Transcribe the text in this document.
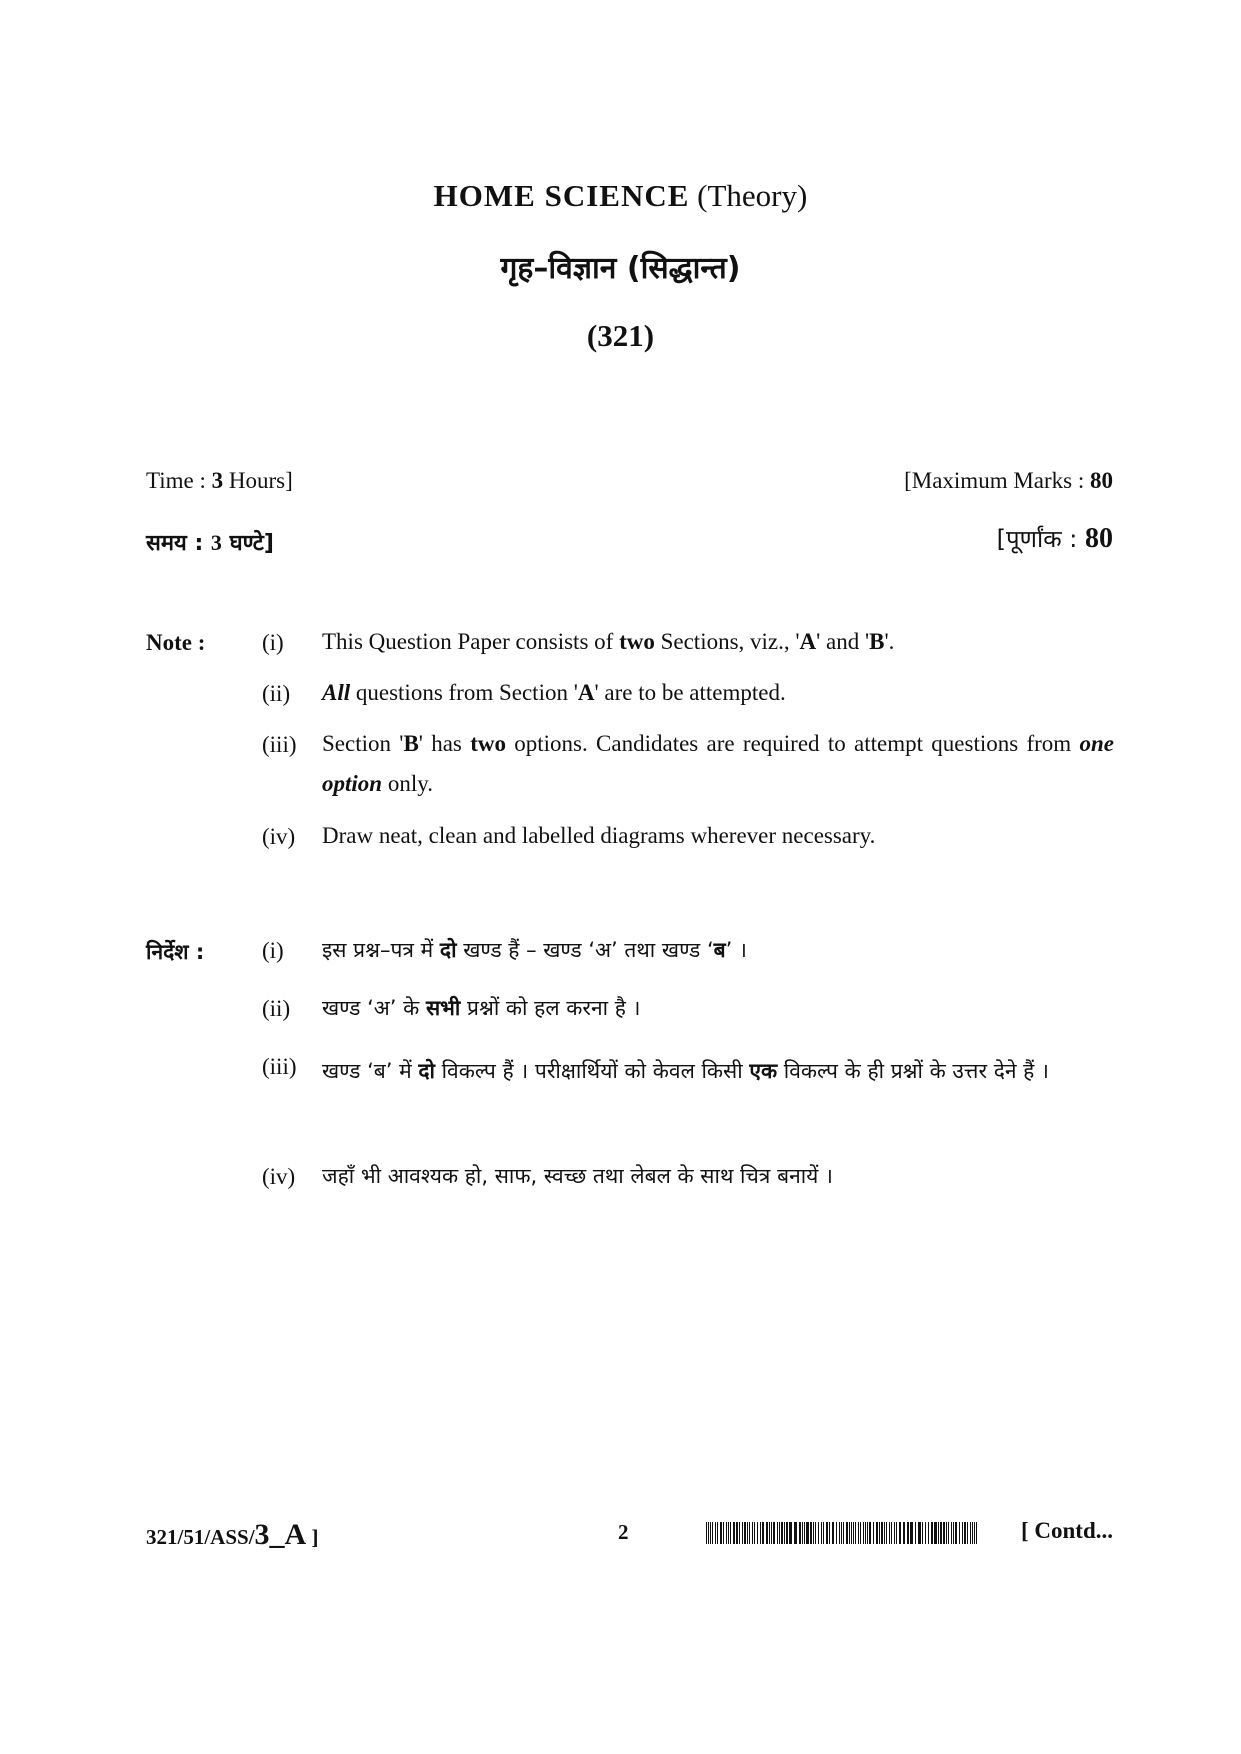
HOME SCIENCE (Theory)
गृह–विज्ञान (सिद्धान्त)
(321)
Time : 3 Hours]	[Maximum Marks : 80
समय : 3 घण्टे]	[पूर्णांक : 80
Note : (i) This Question Paper consists of two Sections, viz., 'A' and 'B'.
(ii) All questions from Section 'A' are to be attempted.
(iii) Section 'B' has two options. Candidates are required to attempt questions from one option only.
(iv) Draw neat, clean and labelled diagrams wherever necessary.
निर्देश :	(i) इस प्रश्न–पत्र में दो खण्ड हैं – खण्ड ‘अ’ तथा खण्ड ‘ब’ ।
(ii) खण्ड ‘अ’ के सभी प्रश्नों को हल करना है ।
(iii) खण्ड ‘ब’ में दो विकल्प हैं । परीक्षार्थियों को केवल किसी एक विकल्प के ही प्रश्नों के उत्तर देने हैं ।
(iv) जहाँ भी आवश्यक हो, साफ, स्वच्छ तथा लेबल के साथ चित्र बनायें ।
321/51/ASS/3_A ]	2	[ Contd...
